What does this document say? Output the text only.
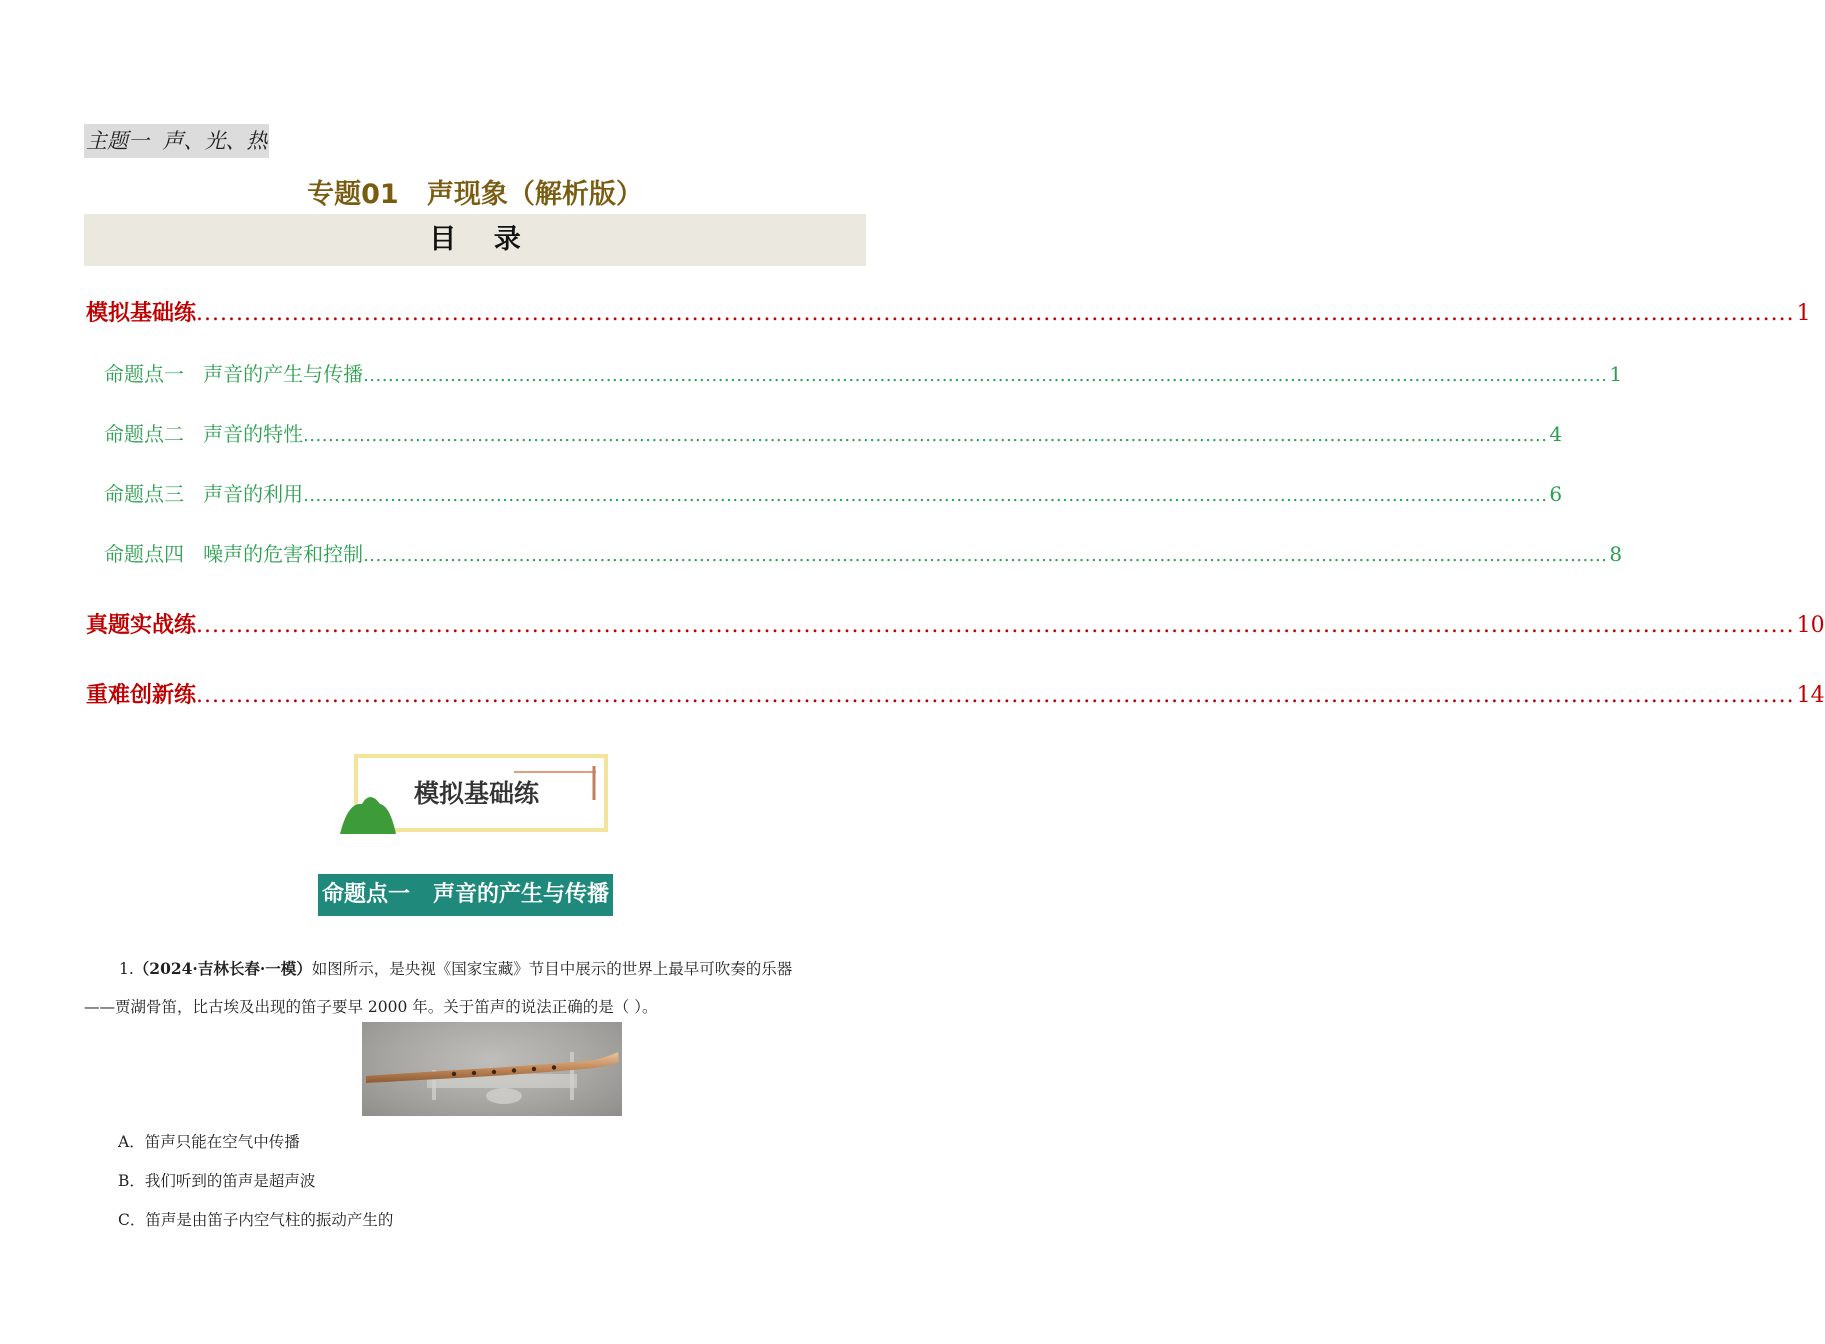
主题一  声、光、热
专题01   声现象（解析版）
目    录
模拟基础练 ........................................................................................................................................................................................................ 1
命题点一   声音的产生与传播 ........................................................................................................................................................................................................ 1
命题点二   声音的特性 ........................................................................................................................................................................................................ 4
命题点三   声音的利用 ........................................................................................................................................................................................................ 6
命题点四   噪声的危害和控制 ........................................................................................................................................................................................................ 8
真题实战练 ........................................................................................................................................................................................................ 10
重难创新练 ........................................................................................................................................................................................................ 14
模拟基础练
命题点一   声音的产生与传播
1.（2024·吉林长春·一模）如图所示，是央视《国家宝藏》节目中展示的世界上最早可吹奏的乐器
——贾湖骨笛，比古埃及出现的笛子要早 2000 年。关于笛声的说法正确的是（ ）。
A．笛声只能在空气中传播
B．我们听到的笛声是超声波
C．笛声是由笛子内空气柱的振动产生的
